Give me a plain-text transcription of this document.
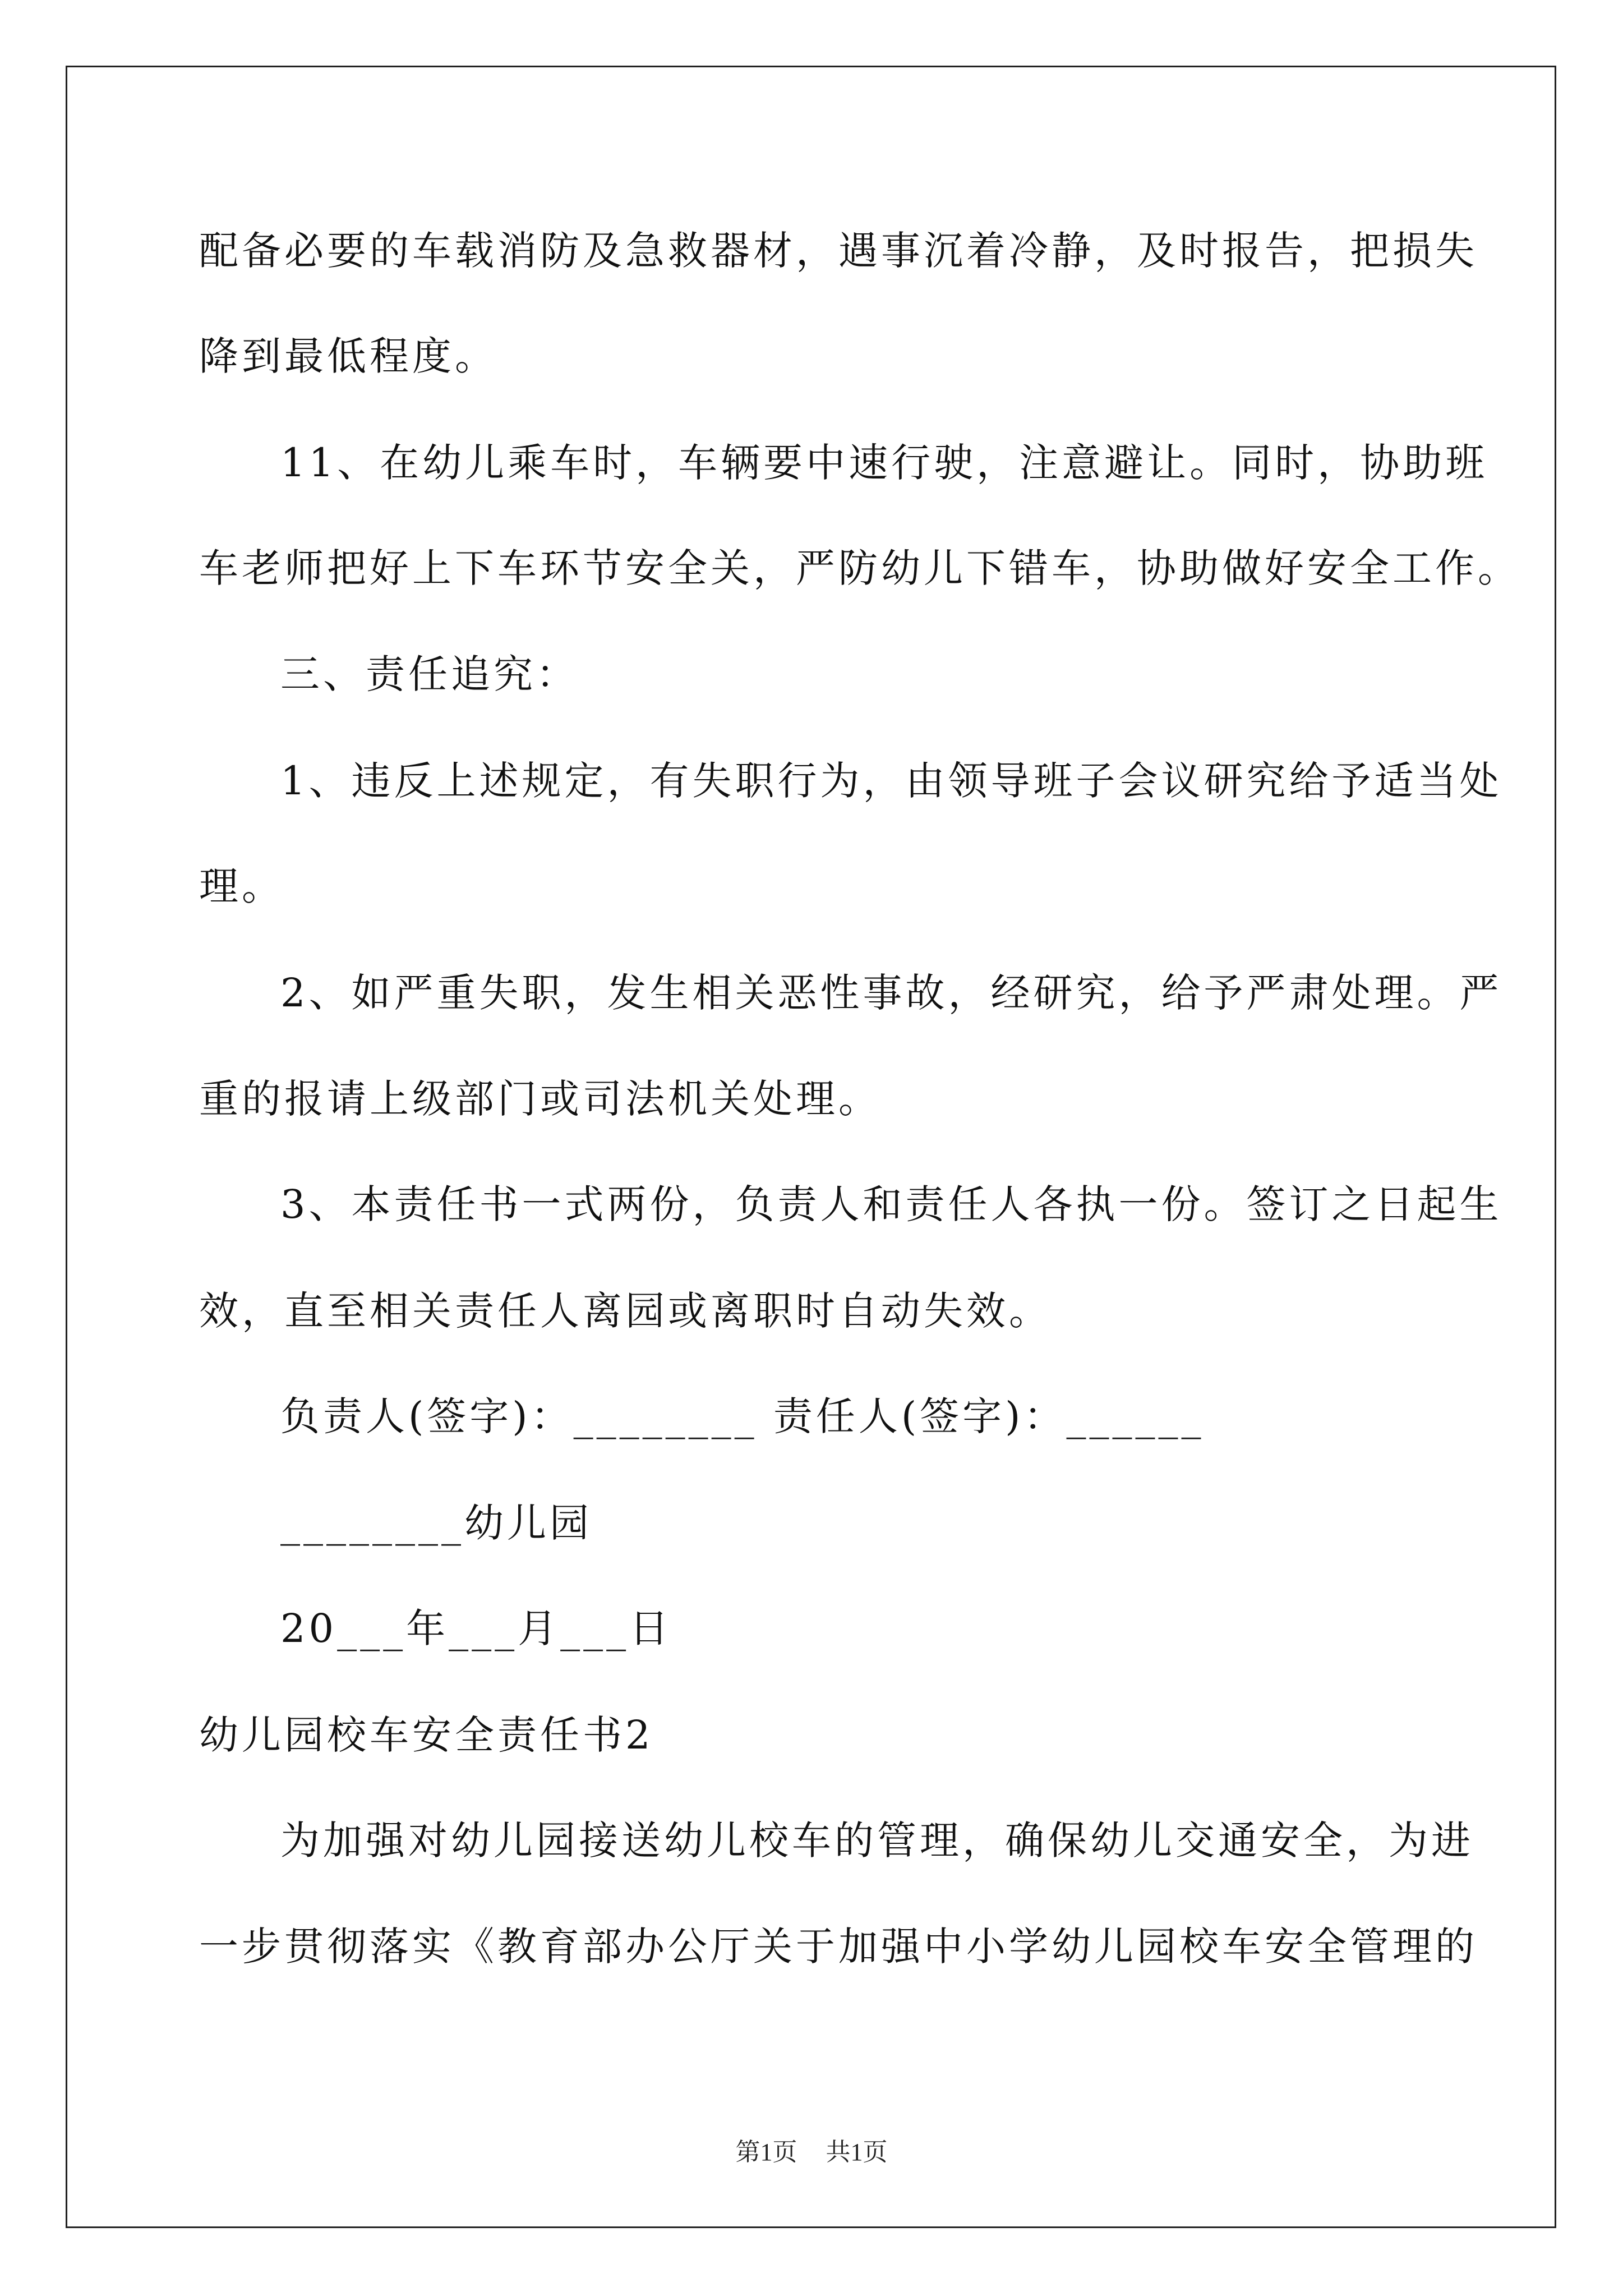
配备必要的车载消防及急救器材，遇事沉着冷静，及时报告，把损失
降到最低程度。
11、在幼儿乘车时，车辆要中速行驶，注意避让。同时，协助班
车老师把好上下车环节安全关，严防幼儿下错车，协助做好安全工作。
三、责任追究：
1、违反上述规定，有失职行为，由领导班子会议研究给予适当处
理。
2、如严重失职，发生相关恶性事故，经研究，给予严肃处理。严
重的报请上级部门或司法机关处理。
3、本责任书一式两份，负责人和责任人各执一份。签订之日起生
效，直至相关责任人离园或离职时自动失效。
负责人(签字)：________ 责任人(签字)：______
________幼儿园
20___年___月___日
幼儿园校车安全责任书2
为加强对幼儿园接送幼儿校车的管理，确保幼儿交通安全，为进
一步贯彻落实《教育部办公厅关于加强中小学幼儿园校车安全管理的
第1页 共1页
